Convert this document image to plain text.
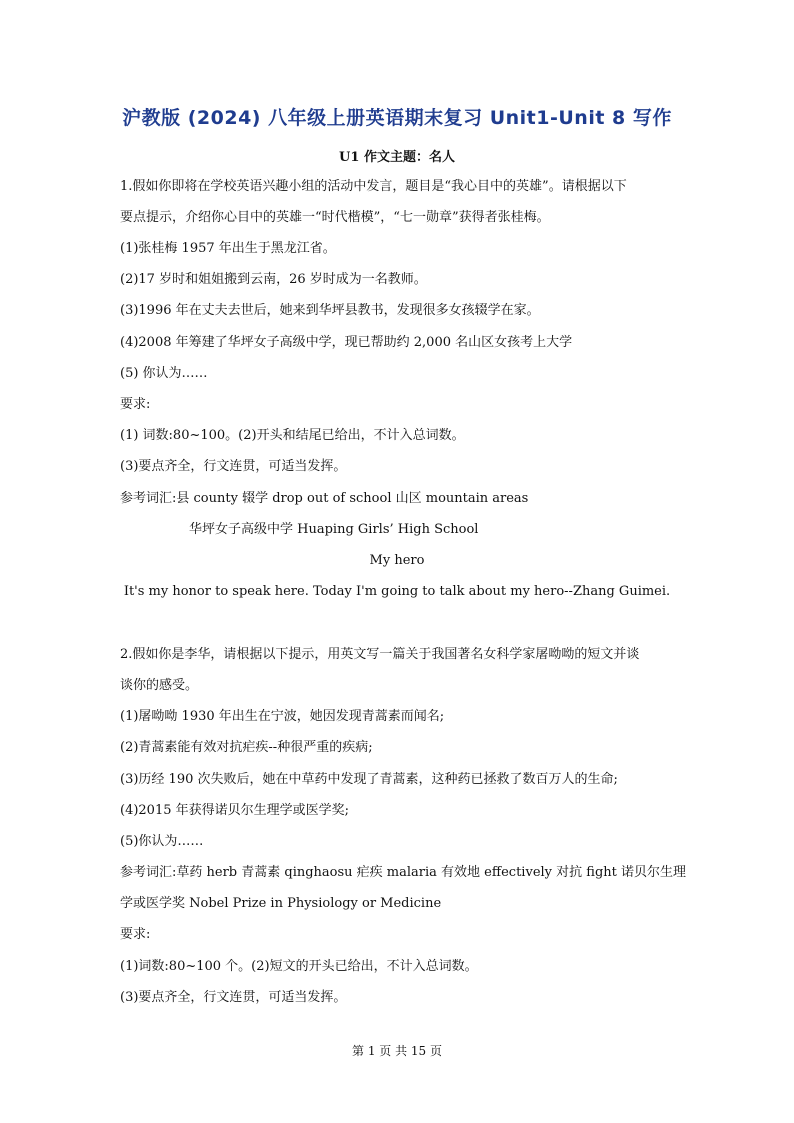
沪教版 (2024) 八年级上册英语期末复习 Unit1-Unit 8 写作
U1 作文主题：名人
1.假如你即将在学校英语兴趣小组的活动中发言，题目是“我心目中的英雄”。请根据以下
要点提示，介绍你心目中的英雄一“时代楷模”，“七一勋章”获得者张桂梅。
(1)张桂梅 1957 年出生于黑龙江省。
(2)17 岁时和姐姐搬到云南，26 岁时成为一名教师。
(3)1996 年在丈夫去世后，她来到华坪县教书，发现很多女孩辍学在家。
(4)2008 年筹建了华坪女子高级中学，现已帮助约 2,000 名山区女孩考上大学
(5) 你认为……
要求:
(1) 词数:80~100。(2)开头和结尾已给出，不计入总词数。
(3)要点齐全，行文连贯，可适当发挥。
参考词汇:县 county 辍学 drop out of school 山区 mountain areas
华坪女子高级中学 Huaping Girls’ High School
My hero
It's my honor to speak here. Today I'm going to talk about my hero--Zhang Guimei.
2.假如你是李华，请根据以下提示，用英文写一篇关于我国著名女科学家屠呦呦的短文并谈
谈你的感受。
(1)屠呦呦 1930 年出生在宁波，她因发现青蒿素而闻名;
(2)青蒿素能有效对抗疟疾--种很严重的疾病;
(3)历经 190 次失败后，她在中草药中发现了青蒿素，这种药已拯救了数百万人的生命;
(4)2015 年获得诺贝尔生理学或医学奖;
(5)你认为……
参考词汇:草药 herb 青蒿素 qinghaosu 疟疾 malaria 有效地 effectively 对抗 fight 诺贝尔生理
学或医学奖 Nobel Prize in Physiology or Medicine
要求:
(1)词数:80~100 个。(2)短文的开头已给出，不计入总词数。
(3)要点齐全，行文连贯，可适当发挥。
第 1 页 共 15 页
